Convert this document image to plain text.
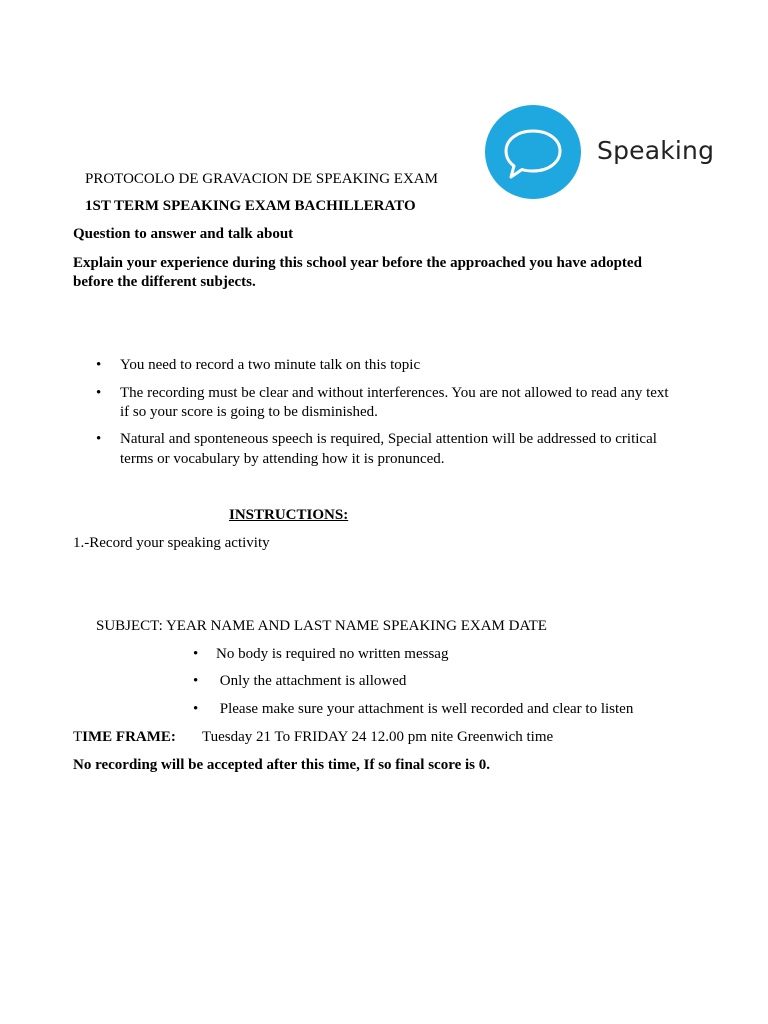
Speaking
PROTOCOLO DE GRAVACION DE SPEAKING EXAM
1ST TERM SPEAKING EXAM BACHILLERATO
Question to answer and talk about
Explain your experience during this school year before the approached you have adopted
before the different subjects.
• You need to record a two minute talk on this topic
• The recording must be clear and without interferences. You are not allowed to read any text
if so your score is going to be disminished.
• Natural and sponteneous speech is required, Special attention will be addressed to critical
terms or vocabulary by attending how it is pronunced.
INSTRUCTIONS:
1.-Record your speaking activity
SUBJECT: YEAR NAME AND LAST NAME SPEAKING EXAM DATE
• No body is required no written messag
• Only the attachment is allowed
• Please make sure your attachment is well recorded and clear to listen
TIME FRAME: Tuesday 21 To FRIDAY 24 12.00 pm nite Greenwich time
No recording will be accepted after this time, If so final score is 0.
